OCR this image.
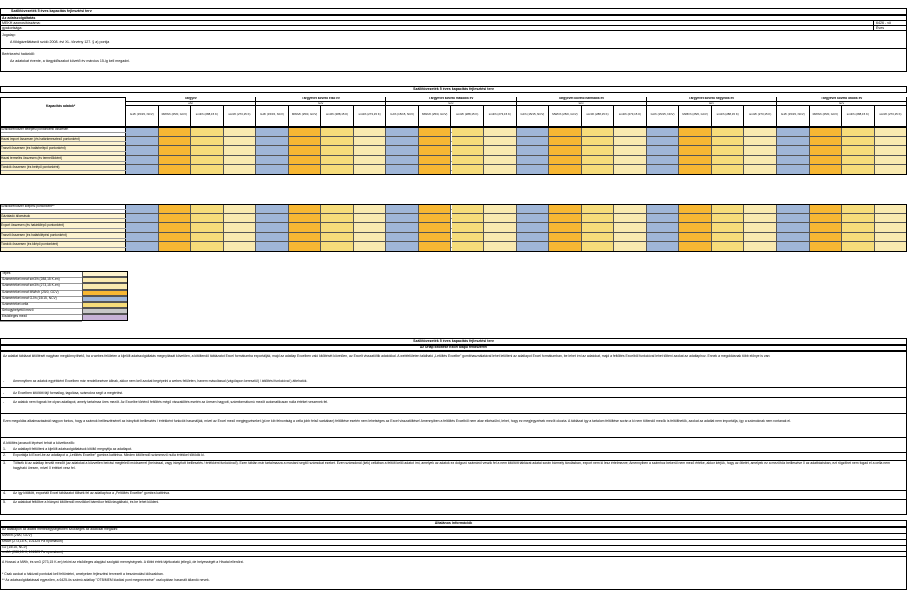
Szállítóvezeték 5 éves kapacitás fejlesztési terv
Az adatszolgáltatás
MEKH azonosítószáma:	6426 - vö
gyakorisága:	Éves
Jogalap:
A földgázellátásról szóló 2008. évi XL. törvény 127. § a) pontja
Beérkezési határidő:
Az adatokat évente, a tárgyidőszakot követő év március 15-ig kell megadni.
Szállítóvezeték 5 éves kapacitás fejlesztési terv
Kapacitás adatok*
Tárgyév
elvi
GJ/h (15/15, NCV)	MWh/h (25/0, GCV)	sm3/h (288,15 K)	sm3/h (273,15 K)
Tárgyévet követő első év
terv
GJ/h (15/15, NCV)	MWh/h (25/0, GCV)	sm3/h (288,15 K)	sm3/h (273,15 K)
Tárgyévet követő második év
terv
GJ/h (15/15, NCV)	MWh/h (25/0, GCV)	sm3/h (288,15 K)	sm3/h (273,15 K)
Tárgyévet követő harmadik év
terv
GJ/h (15/15, NCV)	MWh/h (25/0, GCV)	sm3/h (288,15 K)	sm3/h (273,15 K)
Tárgyévet követő negyedik év
terv
GJ/h (15/15, NCV)	MWh/h (25/0, GCV)	sm3/h (288,15 K)	sm3/h (273,15 K)
Tárgyévet követő ötödik év
terv
GJ/h (15/15, NCV)	MWh/h (25/0, GCV)	sm3/h (288,15 K)	sm3/h (273,15 K)
Szállítórendszer belépési pontonkénti összesen
Hazai import összesen (és határkeresztező pontonként)
Tranzit összesen (és határbelépő pontonként)
Hazai termelés összesen (és termelőkként)
Tárolók összesen (és belépő pontonként)
Szállítórendszer kilépési pontonként**
Gázátadó állomások
Export összesen (és határkilépő pontonként)
Tranzit összesen (és határkilépési pontonként)
Tárolók összesen (és kilépő pontonként)
Tejlés
Számértéket meaf sm3/h (288,15 K-en)
Számértéket meaf sm3/h (273,15 K-en)
Számértéket meaf MWh/h (25/0, GCV)
Számértéket meaf GJ/h (15/15, NCV)
Számértéket cella
Sehogyhelyétől mező
Elsődleges mező
Szállítóvezeték 5 éves kapacitás fejlesztési terv
Az Űrlap kitöltése Excel alapú rendszerrel
Az adatlat táblázat kitöltését nagyban megkönnyíthető, ha a webes felületen a kijelölt adatszolgáltatás megnyitását követően, a kitöltendő táblázatot Excel formátumba exportálják, majd az adatlap Excelben való kitöltését követően, az Excelt visszatöltik adatokkal. A webfelületen található „Letöltés Excelbe” gombhasználatával lehet letölteni az adatlapot Excel formátumban, be lehet írni az adatokat, majd a feltöltés Excelből funkcióval lehet tölteni azokat az adatlaphoz. Ennek a megoldásnak több előnye is van:
-	Amennyiben az adatok egyébként Excelben már rendelkezésre állnak, akkor nem kell azokat begépelni a webes felületen, hanem másolással (vágólapon keresztül) / áttöltési funkcióval ) áttehatók.
-	Az Excelben kitöltött fájl formailag, tagolása, számokra segít a megértést.
-	Az adatok nem fognak be olyan adatlapot, amely tartalmaz üres mezőt. Az Excelbe történő feltöltés mégő visszatöltés esetén az üresen hagyott, számformátumú mezőt automatikusan nulla értéket veszenek fel.
Ezen megoldás alkalmazásánál nagyon fontos, hogy a számok beillesztésénél az irányított beillesztés / értékként funkciót használják, mivel az Excel mező megjegyzéseket (pl.ne kíb felnontság a cella jobb felső sarkában) feltöltése esetén nem lehetséges az Excel visszatöltése! Amennyiben a feltöltés Excelből nem akar elkészülni, lehet, hogy ez megjegyzések mezőt okozta. A táblázat így a tartalom feltöltése során a ki nem töltendő mezők is feltölthetők, azokat az adatlat nem importálja, így a számoknak nem rontanak el.
A kitöltés javasolt lépései tehát a következők:
1. Az adatlapit feltölteni a kijelölt adatszolgáltatások kitöltő megnyitja az adatlapot.
2. Exportálja ki Excel-be az adatlapot a „Letöltés Excelbe” gombra kattintva. Minden kitöltendő számmező nulla értékkel töltődik ki.
3. Töltsék ki az adatlap tervált mezőit (az adatokat a közvetlen beírási megfelelő módszerrel (beírással, vagy irányított beillesztés / értékként funkcióval!). Ezen táblán már tartalmazza a mostani segítő számokat ezeket. Ezen számoknál (kék) cellában a feltölt kellő adatot írni, amelyek az adatok ez dolgozó számáról veszik fel a nem kitöltött táblázat adatai során bármely tárolásban, export nem ki lesz értelmezve; Amennyiben a számhoz bekerül nem mező értéke, akkor kérjük, hogy az ötletét, amelyek ez a mezőhöz beillesztve 0 az adatbázisban, ezt rögzíthet nem fogad el a cella nem hagyható üresen, mivel 0 értéket vesz fel.
4. Az így kitöltött, exportált Excel táblázatot töltsék fel az adatlaphoz a „Feltöltés Excelbe” gombra kattintva.
5. Az adatokat feltöltve a hiányzó kitöltendő mezőkkel bármikor felülvizsgálható, és be lehet küldeni.
Általános információk
Az adatlapon az alábbi mértékegységekben szükséges az adatokat megadni:
MWh/h (25/0, GCV)
sm3/h (273,15 K, 101325 Pa nyomáson)
GJ (15/15, NCV)
sm3/h (288,15 K, 101325 Pa nyomáson)
A Hosszú a MWh, és sm3 (273,15 K-en) tekint az elsődleges alapjául szolgáló mennyiségnek. A többi érték tájékoztató jellegű, de helyességét a Hivatal ellenőrzi.
* Csak azokat a hálózati pontokat kell feltüntetni, amelyeken fejlesztési tervezett a beszámolási időszakban.
** Az adatszolgáltatással egyezően, a 6425-ös számú adatlap "OTB/MEM kiadási pont megnevezése" oszlopában használt állandó nevek.
